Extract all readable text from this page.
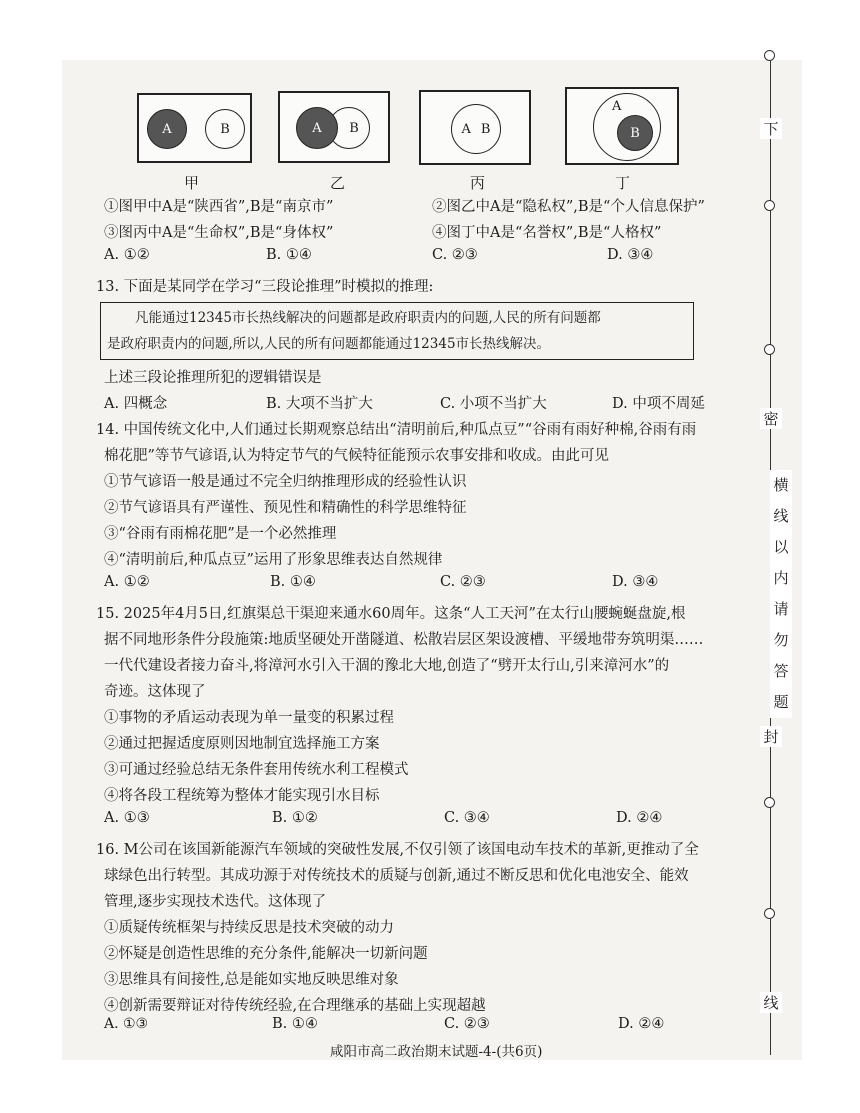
A	B
甲
B
A
乙
A B
丙
A
B
丁
①图甲中A是“陕西省”,B是“南京市”	②图乙中A是“隐私权”,B是“个人信息保护”
③图丙中A是“生命权”,B是“身体权”	④图丁中A是“名誉权”,B是“人格权”
A. ①②	B. ①④	C. ②③	D. ③④
13. 下面是某同学在学习“三段论推理”时模拟的推理:
凡能通过12345市长热线解决的问题都是政府职责内的问题,人民的所有问题都
是政府职责内的问题,所以,人民的所有问题都能通过12345市长热线解决。
上述三段论推理所犯的逻辑错误是
A. 四概念	B. 大项不当扩大	C. 小项不当扩大	D. 中项不周延
14. 中国传统文化中,人们通过长期观察总结出“清明前后,种瓜点豆”“谷雨有雨好种棉,谷雨有雨
棉花肥”等节气谚语,认为特定节气的气候特征能预示农事安排和收成。由此可见
①节气谚语一般是通过不完全归纳推理形成的经验性认识
②节气谚语具有严谨性、预见性和精确性的科学思维特征
③“谷雨有雨棉花肥”是一个必然推理
④“清明前后,种瓜点豆”运用了形象思维表达自然规律
A. ①②	B. ①④	C. ②③	D. ③④
15. 2025年4月5日,红旗渠总干渠迎来通水60周年。这条“人工天河”在太行山腰蜿蜒盘旋,根
据不同地形条件分段施策:地质坚硬处开凿隧道、松散岩层区架设渡槽、平缓地带夯筑明渠……
一代代建设者接力奋斗,将漳河水引入干涸的豫北大地,创造了“劈开太行山,引来漳河水”的
奇迹。这体现了
①事物的矛盾运动表现为单一量变的积累过程
②通过把握适度原则因地制宜选择施工方案
③可通过经验总结无条件套用传统水利工程模式
④将各段工程统筹为整体才能实现引水目标
A. ①③	B. ①②	C. ③④	D. ②④
16. M公司在该国新能源汽车领域的突破性发展,不仅引领了该国电动车技术的革新,更推动了全
球绿色出行转型。其成功源于对传统技术的质疑与创新,通过不断反思和优化电池安全、能效
管理,逐步实现技术迭代。这体现了
①质疑传统框架与持续反思是技术突破的动力
②怀疑是创造性思维的充分条件,能解决一切新问题
③思维具有间接性,总是能如实地反映思维对象
④创新需要辩证对待传统经验,在合理继承的基础上实现超越
A. ①③	B. ①④	C. ②③	D. ②④
咸阳市高二政治期末试题-4-(共6页)
下
密
横
线
以
内
请
勿
答
题
封
线
